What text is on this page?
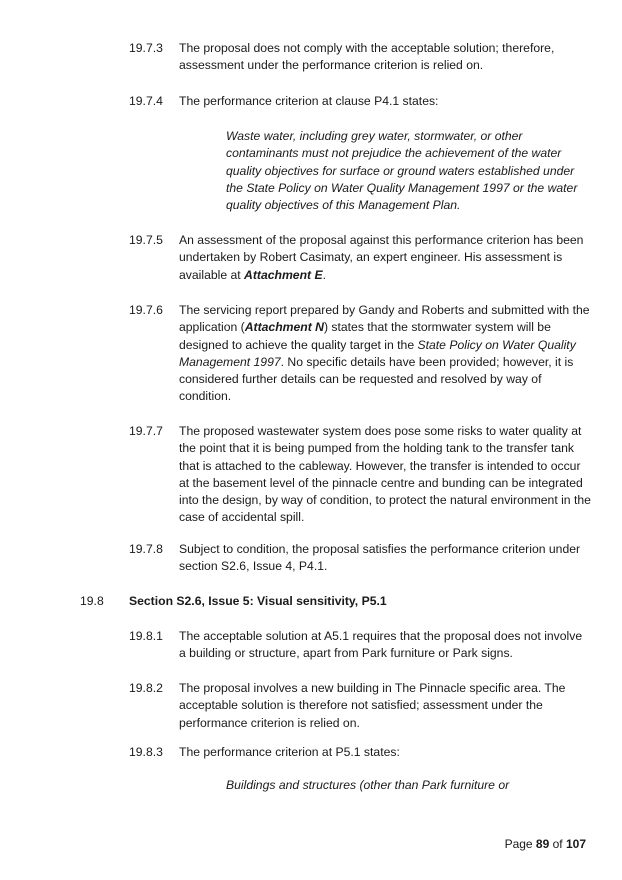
19.7.3	The proposal does not comply with the acceptable solution; therefore, assessment under the performance criterion is relied on.
19.7.4	The performance criterion at clause P4.1 states:
Waste water, including grey water, stormwater, or other contaminants must not prejudice the achievement of the water quality objectives for surface or ground waters established under the State Policy on Water Quality Management 1997 or the water quality objectives of this Management Plan.
19.7.5	An assessment of the proposal against this performance criterion has been undertaken by Robert Casimaty, an expert engineer. His assessment is available at Attachment E.
19.7.6	The servicing report prepared by Gandy and Roberts and submitted with the application (Attachment N) states that the stormwater system will be designed to achieve the quality target in the State Policy on Water Quality Management 1997. No specific details have been provided; however, it is considered further details can be requested and resolved by way of condition.
19.7.7	The proposed wastewater system does pose some risks to water quality at the point that it is being pumped from the holding tank to the transfer tank that is attached to the cableway. However, the transfer is intended to occur at the basement level of the pinnacle centre and bunding can be integrated into the design, by way of condition, to protect the natural environment in the case of accidental spill.
19.7.8	Subject to condition, the proposal satisfies the performance criterion under section S2.6, Issue 4, P4.1.
19.8 Section S2.6, Issue 5: Visual sensitivity, P5.1
19.8.1	The acceptable solution at A5.1 requires that the proposal does not involve a building or structure, apart from Park furniture or Park signs.
19.8.2	The proposal involves a new building in The Pinnacle specific area. The acceptable solution is therefore not satisfied; assessment under the performance criterion is relied on.
19.8.3	The performance criterion at P5.1 states:
Buildings and structures (other than Park furniture or
Page 89 of 107
